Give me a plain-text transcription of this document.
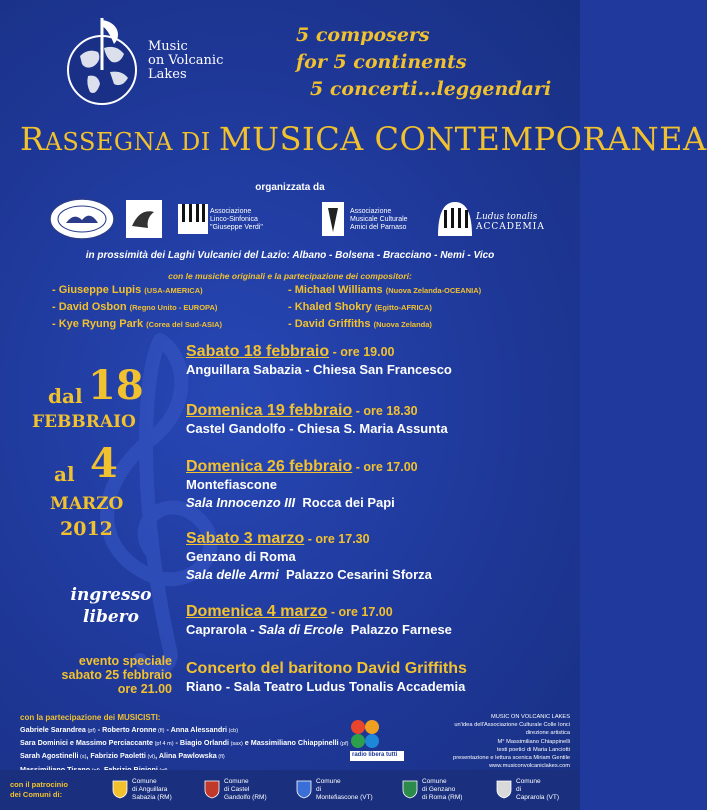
Music
on Volcanic
Lakes
5 composers
for 5 continents
5 concerti…leggendari
RASSEGNA DI MUSICA CONTEMPORANEA
organizzata da
Associazione
Linco-Sinfonica
"Giuseppe Verdi"
Associazione
Musicale Culturale
Amici del Parnaso
Ludus tonalis
ACCADEMIA
in prossimità dei Laghi Vulcanici del Lazio: Albano - Bolsena - Bracciano - Nemi - Vico
con le musiche originali e la partecipazione dei compositori:
- Giuseppe Lupis (USA-AMERICA)
- David Osbon (Regno Unito - EUROPA)
- Kye Ryung Park (Corea del Sud-ASIA)
- Michael Williams (Nuova Zelanda-OCEANIA)
- Khaled Shokry (Egitto-AFRICA)
- David Griffiths (Nuova Zelanda)
dal 18
FEBBRAIO
al 4
MARZO
2012
ingresso
libero
evento speciale
sabato 25 febbraio
ore 21.00
Sabato 18 febbraio - ore 19.00
Anguillara Sabazia - Chiesa San Francesco
Domenica 19 febbraio - ore 18.30
Castel Gandolfo - Chiesa S. Maria Assunta
Domenica 26 febbraio - ore 17.00
Montefiascone
Sala Innocenzo III Rocca dei Papi
Sabato 3 marzo - ore 17.30
Genzano di Roma
Sala delle Armi Palazzo Cesarini Sforza
Domenica 4 marzo - ore 17.00
Caprarola - Sala di Ercole Palazzo Farnese
Concerto del baritono David Griffiths
Riano - Sala Teatro Ludus Tonalis Accademia
con la partecipazione dei MUSICISTI:
Gabriele Sarandrea (pf) - Roberto Aronne (fl) - Anna Alessandri (cb)
Sara Dominici e Massimo Perciaccante (pf 4 m) - Biagio Orlandi (sax) e Massimiliano Chiappinelli (pf)
Sarah Agostinelli (s), Fabrizio Paoletti (vl), Alina Pawlowska (fl)	radio libera tutti
MUSIC ON VOLCANIC LAKES
un'idea dell'Associazione Culturale Colle Ionci
direzione artistica
M° Massimiliano Chiappinelli
testi poetici di Maria Lanciotti
presentazione e lettura scenica Miriam Gentile
www.musiconvolcaniclakes.com
con il patrocinio
dei Comuni di:
Comune
di Anguillara
Sabazia (RM)
Comune
di Castel
Gandolfo (RM)
Comune
di
Montefiascone (VT)
Comune
di Genzano
di Roma (RM)
Comune
di
Caprarola (VT)
